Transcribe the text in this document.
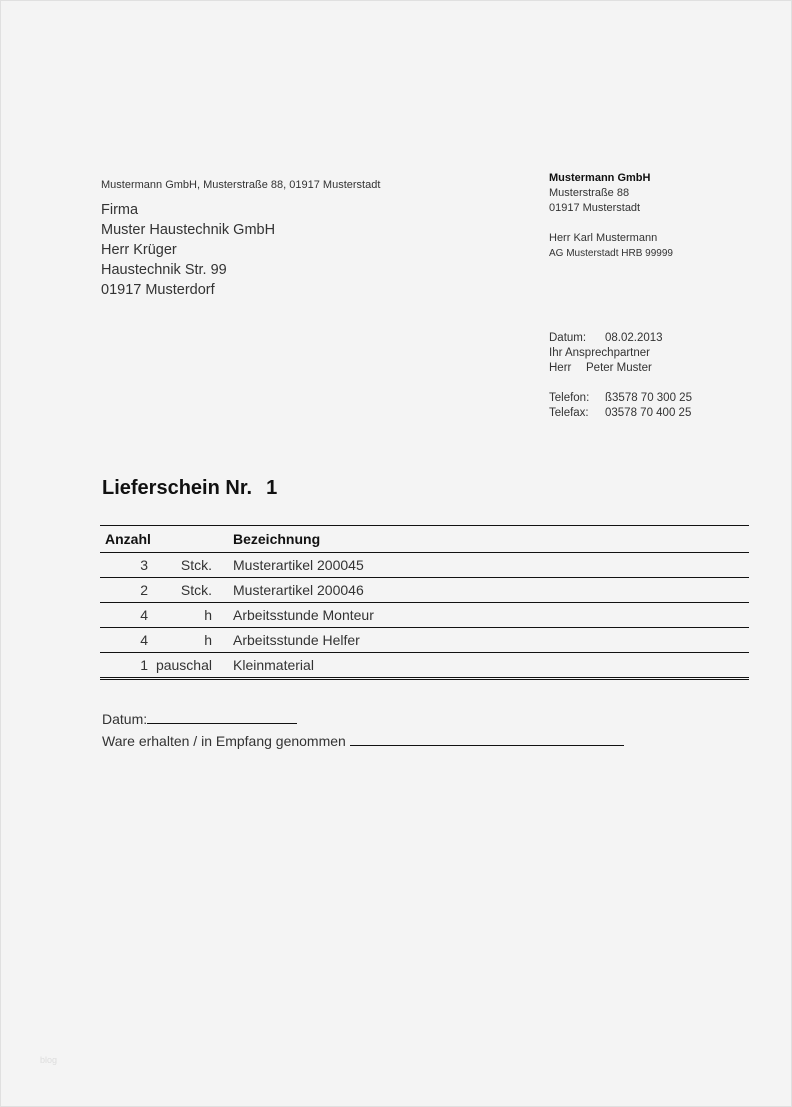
Mustermann GmbH, Musterstraße 88, 01917 Musterstadt
Firma
Muster Haustechnik GmbH
Herr Krüger
Haustechnik Str. 99
01917 Musterdorf
Mustermann GmbH
Musterstraße 88
01917 Musterstadt
Herr Karl Mustermann
AG Musterstadt HRB 99999
Datum:	08.02.2013
Ihr Ansprechpartner
Herr	Peter Muster
Telefon:	ß3578 70 300 25
Telefax:	03578 70 400 25
Lieferschein Nr. 1
Anzahl		Bezeichnung
3	Stck.	Musterartikel 200045
2	Stck.	Musterartikel 200046
4	h	Arbeitsstunde Monteur
4	h	Arbeitsstunde Helfer
1	pauschal	Kleinmaterial
Datum:
Ware erhalten / in Empfang genommen
blog
